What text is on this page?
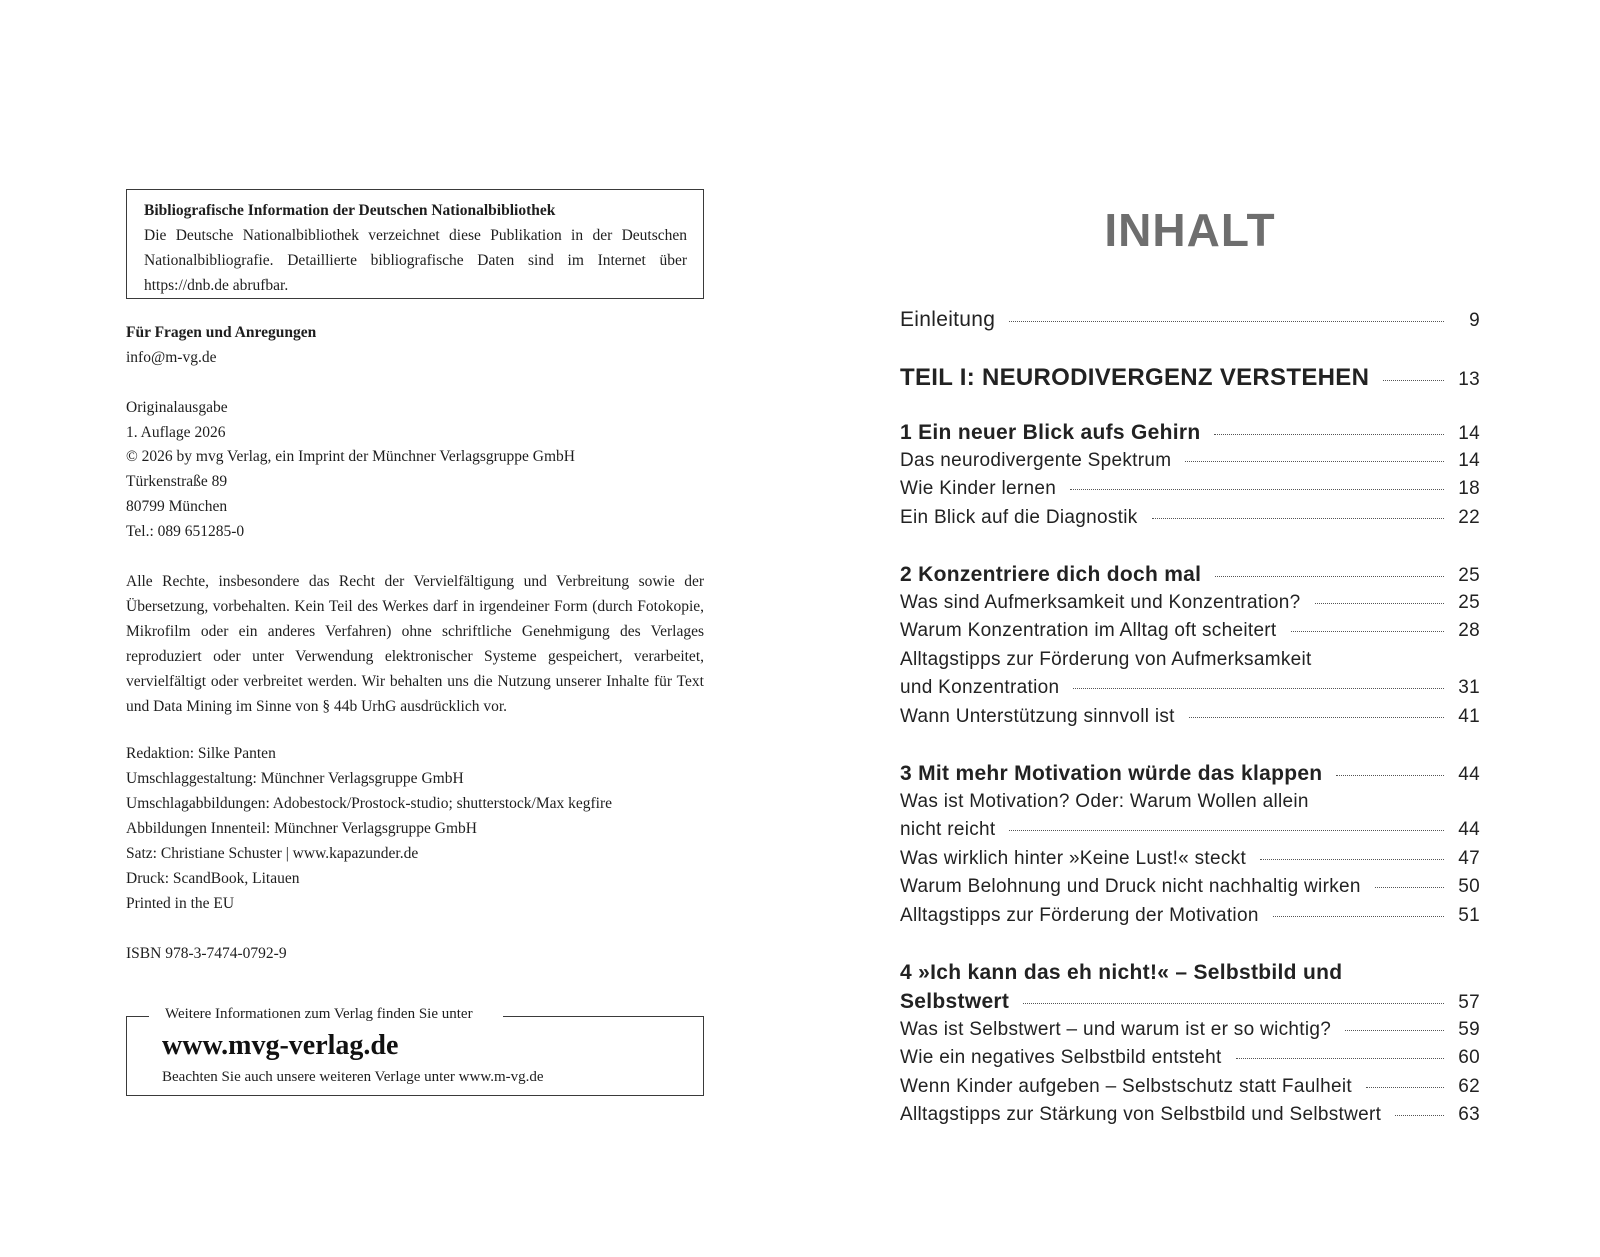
Bibliografische Information der Deutschen Nationalbibliothek
Die Deutsche Nationalbibliothek verzeichnet diese Publikation in der Deutschen Nationalbibliografie. Detaillierte bibliografische Daten sind im Internet über https://dnb.de abrufbar.
Für Fragen und Anregungen
info@m-vg.de
Originalausgabe
1. Auflage 2026
© 2026 by mvg Verlag, ein Imprint der Münchner Verlagsgruppe GmbH
Türkenstraße 89
80799 München
Tel.: 089 651285-0
Alle Rechte, insbesondere das Recht der Vervielfältigung und Verbreitung sowie der Übersetzung, vorbehalten. Kein Teil des Werkes darf in irgendeiner Form (durch Fotokopie, Mikrofilm oder ein anderes Verfahren) ohne schriftliche Genehmigung des Verlages reproduziert oder unter Verwendung elektronischer Systeme gespeichert, verarbeitet, vervielfältigt oder verbreitet werden. Wir behalten uns die Nutzung unserer Inhalte für Text und Data Mining im Sinne von § 44b UrhG ausdrücklich vor.
Redaktion: Silke Panten
Umschlaggestaltung: Münchner Verlagsgruppe GmbH
Umschlagabbildungen: Adobestock/Prostock-studio; shutterstock/Max kegfire
Abbildungen Innenteil: Münchner Verlagsgruppe GmbH
Satz: Christiane Schuster | www.kapazunder.de
Druck: ScandBook, Litauen
Printed in the EU
ISBN 978-3-7474-0792-9
Weitere Informationen zum Verlag finden Sie unter
www.mvg-verlag.de
Beachten Sie auch unsere weiteren Verlage unter www.m-vg.de
INHALT
Einleitung	9
TEIL I: NEURODIVERGENZ VERSTEHEN	13
1 Ein neuer Blick aufs Gehirn	14
Das neurodivergente Spektrum	14
Wie Kinder lernen	18
Ein Blick auf die Diagnostik	22
2 Konzentriere dich doch mal	25
Was sind Aufmerksamkeit und Konzentration?	25
Warum Konzentration im Alltag oft scheitert	28
Alltagstipps zur Förderung von Aufmerksamkeit
und Konzentration	31
Wann Unterstützung sinnvoll ist	41
3 Mit mehr Motivation würde das klappen	44
Was ist Motivation? Oder: Warum Wollen allein
nicht reicht	44
Was wirklich hinter »Keine Lust!« steckt	47
Warum Belohnung und Druck nicht nachhaltig wirken	50
Alltagstipps zur Förderung der Motivation	51
4 »Ich kann das eh nicht!« – Selbstbild und
Selbstwert	57
Was ist Selbstwert – und warum ist er so wichtig?	59
Wie ein negatives Selbstbild entsteht	60
Wenn Kinder aufgeben – Selbstschutz statt Faulheit	62
Alltagstipps zur Stärkung von Selbstbild und Selbstwert	63
